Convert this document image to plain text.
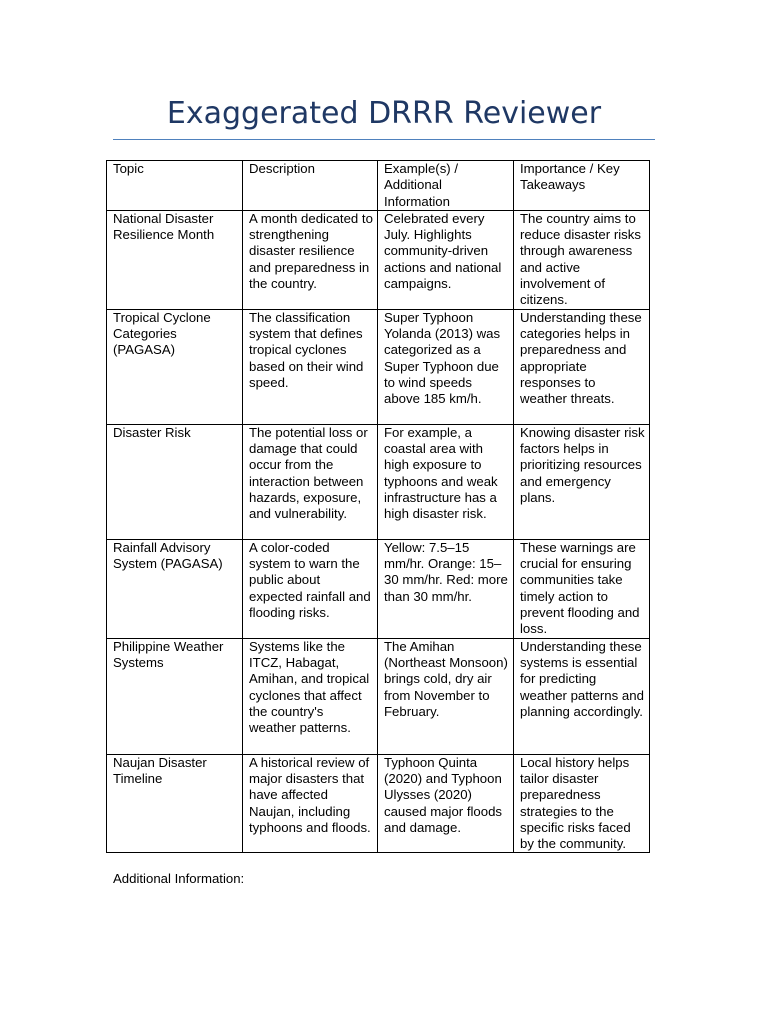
Exaggerated DRRR Reviewer
Topic	Description	Example(s) / Additional Information	Importance / Key Takeaways
National Disaster Resilience Month	A month dedicated to strengthening disaster resilience and preparedness in the country.	Celebrated every July. Highlights community-driven actions and national campaigns.	The country aims to reduce disaster risks through awareness and active involvement of citizens.
Tropical Cyclone Categories (PAGASA)	The classification system that defines tropical cyclones based on their wind speed.	Super Typhoon Yolanda (2013) was categorized as a Super Typhoon due to wind speeds above 185 km/h.	Understanding these categories helps in preparedness and appropriate responses to weather threats.
Disaster Risk	The potential loss or damage that could occur from the interaction between hazards, exposure, and vulnerability.	For example, a coastal area with high exposure to typhoons and weak infrastructure has a high disaster risk.	Knowing disaster risk factors helps in prioritizing resources and emergency plans.
Rainfall Advisory System (PAGASA)	A color-coded system to warn the public about expected rainfall and flooding risks.	Yellow: 7.5–15 mm/hr. Orange: 15–30 mm/hr. Red: more than 30 mm/hr.	These warnings are crucial for ensuring communities take timely action to prevent flooding and loss.
Philippine Weather Systems	Systems like the ITCZ, Habagat, Amihan, and tropical cyclones that affect the country's weather patterns.	The Amihan (Northeast Monsoon) brings cold, dry air from November to February.	Understanding these systems is essential for predicting weather patterns and planning accordingly.
Naujan Disaster Timeline	A historical review of major disasters that have affected Naujan, including typhoons and floods.	Typhoon Quinta (2020) and Typhoon Ulysses (2020) caused major floods and damage.	Local history helps tailor disaster preparedness strategies to the specific risks faced by the community.
Additional Information:
